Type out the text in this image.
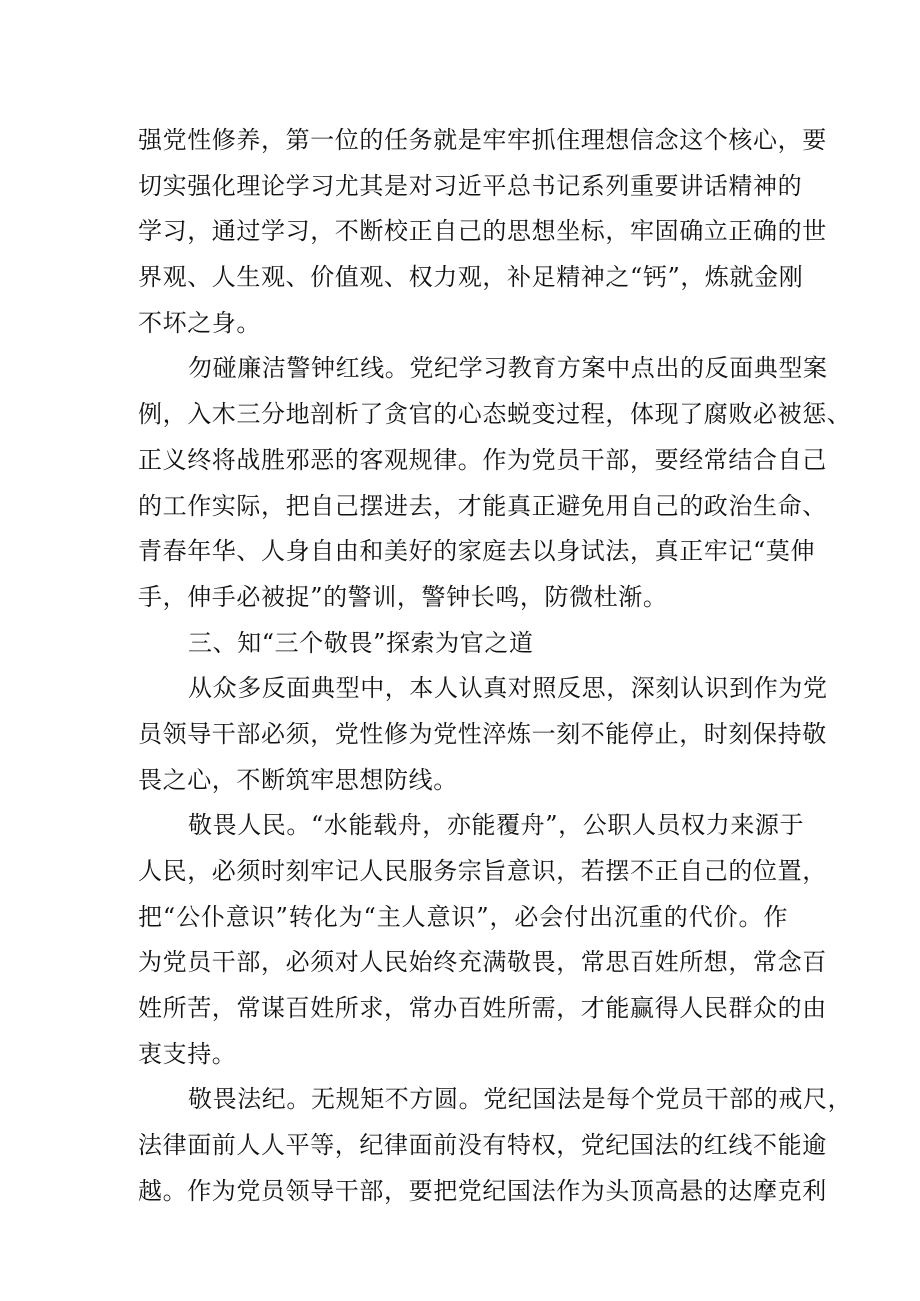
强党性修养，第一位的任务就是牢牢抓住理想信念这个核心，要
切实强化理论学习尤其是对习近平总书记系列重要讲话精神的
学习，通过学习，不断校正自己的思想坐标，牢固确立正确的世
界观、人生观、价值观、权力观，补足精神之“钙”，炼就金刚
不坏之身。
勿碰廉洁警钟红线。党纪学习教育方案中点出的反面典型案
例，入木三分地剖析了贪官的心态蜕变过程，体现了腐败必被惩、
正义终将战胜邪恶的客观规律。作为党员干部，要经常结合自己
的工作实际，把自己摆进去，才能真正避免用自己的政治生命、
青春年华、人身自由和美好的家庭去以身试法，真正牢记“莫伸
手，伸手必被捉”的警训，警钟长鸣，防微杜渐。
三、知“三个敬畏”探索为官之道
从众多反面典型中，本人认真对照反思，深刻认识到作为党
员领导干部必须，党性修为党性淬炼一刻不能停止，时刻保持敬
畏之心，不断筑牢思想防线。
敬畏人民。“水能载舟，亦能覆舟”，公职人员权力来源于
人民，必须时刻牢记人民服务宗旨意识，若摆不正自己的位置，
把“公仆意识”转化为“主人意识”，必会付出沉重的代价。作
为党员干部，必须对人民始终充满敬畏，常思百姓所想，常念百
姓所苦，常谋百姓所求，常办百姓所需，才能赢得人民群众的由
衷支持。
敬畏法纪。无规矩不方圆。党纪国法是每个党员干部的戒尺，
法律面前人人平等，纪律面前没有特权，党纪国法的红线不能逾
越。作为党员领导干部，要把党纪国法作为头顶高悬的达摩克利
